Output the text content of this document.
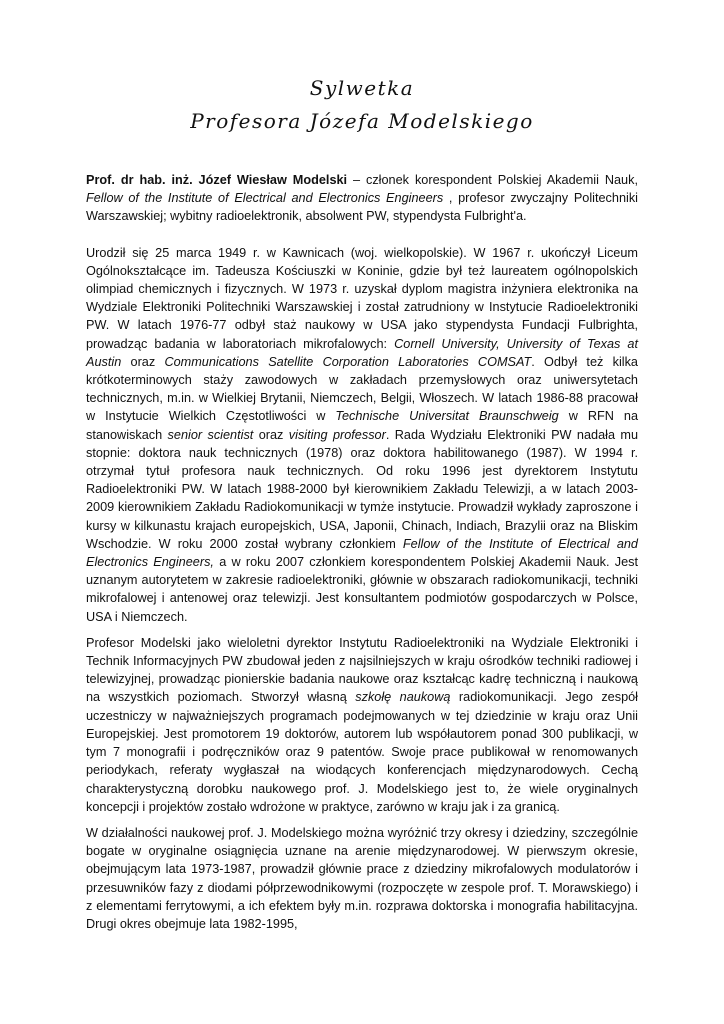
Sylwetka
Profesora Józefa Modelskiego

Prof. dr hab. inż. Józef Wiesław Modelski – członek korespondent Polskiej Akademii Nauk, Fellow of the Institute of Electrical and Electronics Engineers , profesor zwyczajny Politechniki Warszawskiej; wybitny radioelektronik, absolwent PW, stypendysta Fulbright'a.

Urodził się 25 marca 1949 r. w Kawnicach (woj. wielkopolskie). W 1967 r. ukończył Liceum Ogólnokształcące im. Tadeusza Kościuszki w Koninie, gdzie był też laureatem ogólnopolskich olimpiad chemicznych i fizycznych. W 1973 r. uzyskał dyplom magistra inżyniera elektronika na Wydziale Elektroniki Politechniki Warszawskiej i został zatrudniony w Instytucie Radioelektroniki PW. W latach 1976-77 odbył staż naukowy w USA jako stypendysta Fundacji Fulbrighta, prowadząc badania w laboratoriach mikrofalowych: Cornell University, University of Texas at Austin oraz Communications Satellite Corporation Laboratories COMSAT. Odbył też kilka krótkoterminowych staży zawodowych w zakładach przemysłowych oraz uniwersytetach technicznych, m.in. w Wielkiej Brytanii, Niemczech, Belgii, Włoszech. W latach 1986-88 pracował w Instytucie Wielkich Częstotliwości w Technische Universitat Braunschweig w RFN na stanowiskach senior scientist oraz visiting professor. Rada Wydziału Elektroniki PW nadała mu stopnie: doktora nauk technicznych (1978) oraz doktora habilitowanego (1987). W 1994 r. otrzymał tytuł profesora nauk technicznych. Od roku 1996 jest dyrektorem Instytutu Radioelektroniki PW. W latach 1988-2000 był kierownikiem Zakładu Telewizji, a w latach 2003-2009 kierownikiem Zakładu Radiokomunikacji w tymże instytucie. Prowadził wykłady zaproszone i kursy w kilkunastu krajach europejskich, USA, Japonii, Chinach, Indiach, Brazylii oraz na Bliskim Wschodzie. W roku 2000 został wybrany członkiem Fellow of the Institute of Electrical and Electronics Engineers, a w roku 2007 członkiem korespondentem Polskiej Akademii Nauk. Jest uznanym autorytetem w zakresie radioelektroniki, głównie w obszarach radiokomunikacji, techniki mikrofalowej i antenowej oraz telewizji. Jest konsultantem podmiotów gospodarczych w Polsce, USA i Niemczech.

Profesor Modelski jako wieloletni dyrektor Instytutu Radioelektroniki na Wydziale Elektroniki i Technik Informacyjnych PW zbudował jeden z najsilniejszych w kraju ośrodków techniki radiowej i telewizyjnej, prowadząc pionierskie badania naukowe oraz kształcąc kadrę techniczną i naukową na wszystkich poziomach. Stworzył własną szkołę naukową radiokomunikacji. Jego zespół uczestniczy w najważniejszych programach podejmowanych w tej dziedzinie w kraju oraz Unii Europejskiej. Jest promotorem 19 doktorów, autorem lub współautorem ponad 300 publikacji, w tym 7 monografii i podręczników oraz 9 patentów. Swoje prace publikował w renomowanych periodykach, referaty wygłaszał na wiodących konferencjach międzynarodowych. Cechą charakterystyczną dorobku naukowego prof. J. Modelskiego jest to, że wiele oryginalnych koncepcji i projektów zostało wdrożone w praktyce, zarówno w kraju jak i za granicą.

W działalności naukowej prof. J. Modelskiego można wyróżnić trzy okresy i dziedziny, szczególnie bogate w oryginalne osiągnięcia uznane na arenie międzynarodowej. W pierwszym okresie, obejmującym lata 1973-1987, prowadził głównie prace z dziedziny mikrofalowych modulatorów i przesuwników fazy z diodami półprzewodnikowymi (rozpoczęte w zespole prof. T. Morawskiego) i z elementami ferrytowymi, a ich efektem były m.in. rozprawa doktorska i monografia habilitacyjna. Drugi okres obejmuje lata 1982-1995,
